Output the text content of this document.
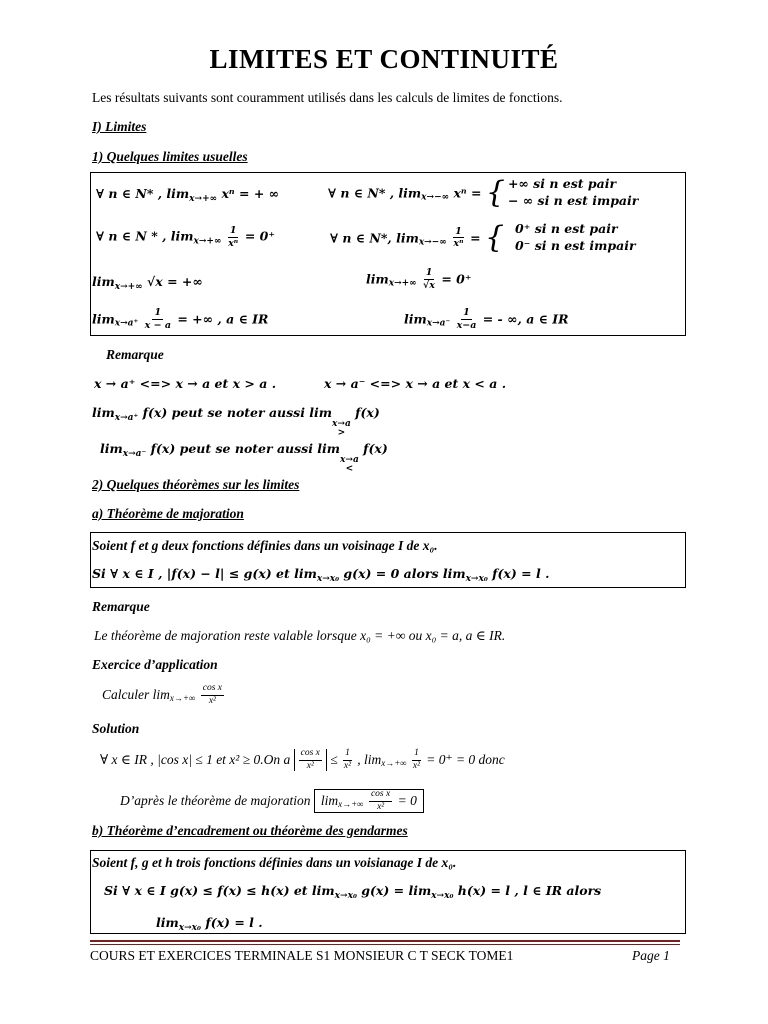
LIMITES ET CONTINUITÉ
Les résultats suivants sont couramment utilisés dans les calculs de limites de fonctions.
I) Limites
1) Quelques limites usuelles
∀ n ∈ N* , $\lim_{x\to+\infty} x^n$ = + ∞	∀ n ∈ N* , $\lim_{x\to-\infty} x^n$ = { +∞ si n est pair
− ∞ si n est impair
∀ n ∈ N * , $\lim_{x\to+\infty} \frac{1}{\text{xⁿ}} = 0^+$	∀ n ∈ N*, $\lim_{x\to-\infty} \frac{1}{\text{xⁿ}}$ = { 0⁺ si n est pair
0⁻ si n est impair
$\lim_{x\to+\infty} √x$ = +∞	$\lim_{x\to+\infty} \frac{1}{√x} = 0^+$
$\lim_{x\to a^+} \frac{1}{x - a}$ = +∞ , a ∈ IR	$\lim_{x\to a^-} \frac{1}{x-a}$ = - ∞, a ∈ IR
Remarque
x → a⁺ <=> x → a et x > a .	x → a⁻ <=> x → a et x < a .
$\lim_{x\to a^+} f(x)$ peut se noter aussi lim
x→a
>
f(x)
$\lim_{x\to a^-} f(x)$ peut se noter aussi lim
x→a
<
f(x)
2) Quelques théorèmes sur les limites
a) Théorème de majoration
Soient f et g deux fonctions définies dans un voisinage I de x₀.
Si ∀ x ∈ I , |f(x) − l| ≤ g(x) et $\lim_{x\to x_0} g(x) = 0$ alors $\lim_{x\to x_0} f(x) = l$ .
Remarque
Le théorème de majoration reste valable lorsque x₀ = +∞ ou x₀ = a, a ∈ IR.
Exercice d’application
Calculer $\lim_{x\to+\infty} \frac{\text{cos x}}{\text{x²}}$
Solution
∀ x ∈ IR , |cos x| ≤ 1 et x² ≥ 0.On a $\frac{\text{cos x}}{\text{x²}} \le \frac{1}{\text{x²}}$ , $\lim_{x\to+\infty} \frac{1}{\text{x²}} = 0^+ = 0$ donc
D’après le théorème de majoration $\lim_{x\to+\infty} \frac{\text{cos x}}{\text{x²}} = 0$
b) Théorème d’encadrement ou théorème des gendarmes
Soient f, g et h trois fonctions définies dans un voisianage I de x₀.
Si ∀ x ∈ I g(x) ≤ f(x) ≤ h(x) et $\lim_{x\to x_0} g(x) = \lim_{x\to x_0} h(x) = l$ , l ∈ IR alors
$\lim_{x\to x_0} f(x) = l$ .
COURS ET EXERCICES TERMINALE S1 MONSIEUR C T SECK TOME1	Page 1
